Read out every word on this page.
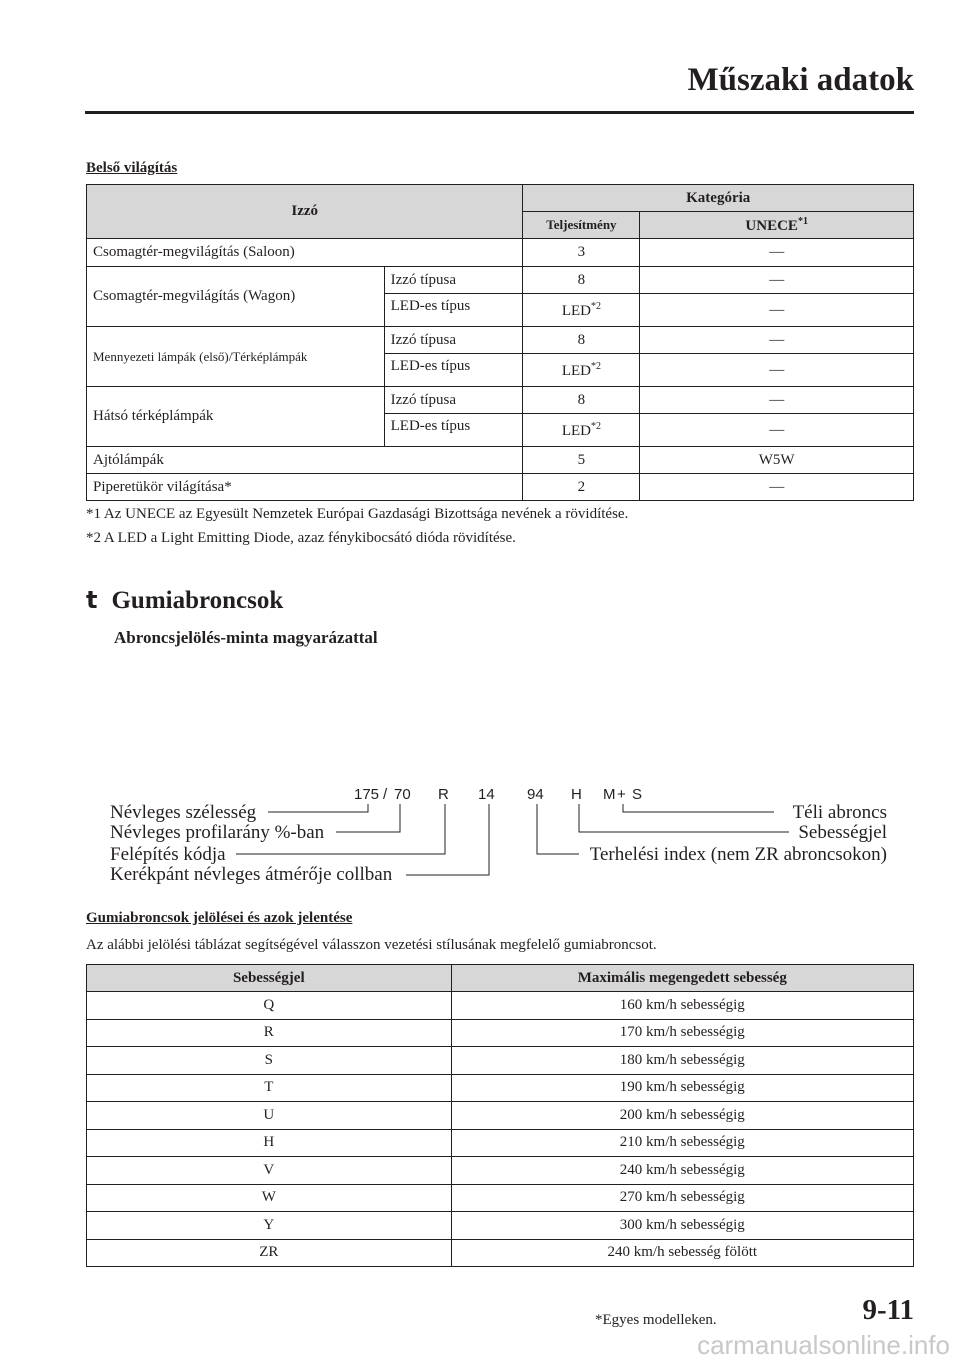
Műszaki adatok
Belső világítás
Izzó		Kategória	
		Teljesítmény	UNECE$^{*1}$
Csomagtér-megvilágítás (Saloon)		3	—
Csomagtér-megvilágítás (Wagon)	Izzó típusa	8	—
	LED-es típus	LED$^{*2}$	—
Mennyezeti lámpák (első)/Térképlámpák	Izzó típusa	8	—
	LED-es típus	LED$^{*2}$	—
Hátsó térképlámpák	Izzó típusa	8	—
	LED-es típus	LED$^{*2}$	—
Ajtólámpák		5	W5W
Piperetükör világítása*		2	—
*1 Az UNECE az Egyesült Nemzetek Európai Gazdasági Bizottsága nevének a rövidítése.
*2 A LED a Light Emitting Diode, azaz fénykibocsátó dióda rövidítése.
t Gumiabroncsok
Abroncsjelölés-minta magyarázattal
175 / 70 R 14 94 H M + S
Névleges szélesség
Névleges profilarány %-ban
Felépítés kódja
Kerékpánt névleges átmérője collban
Téli abroncs
Sebességjel
Terhelési index (nem ZR abroncsokon)
Gumiabroncsok jelölései és azok jelentése
Az alábbi jelölési táblázat segítségével válasszon vezetési stílusának megfelelő gumiabroncsot.
Sebességjel	Maximális megengedett sebesség
Q	160 km/h sebességig
R	170 km/h sebességig
S	180 km/h sebességig
T	190 km/h sebességig
U	200 km/h sebességig
H	210 km/h sebességig
V	240 km/h sebességig
W	270 km/h sebességig
Y	300 km/h sebességig
ZR	240 km/h sebesség fölött
*Egyes modelleken.	9-11
carmanualsonline.info
